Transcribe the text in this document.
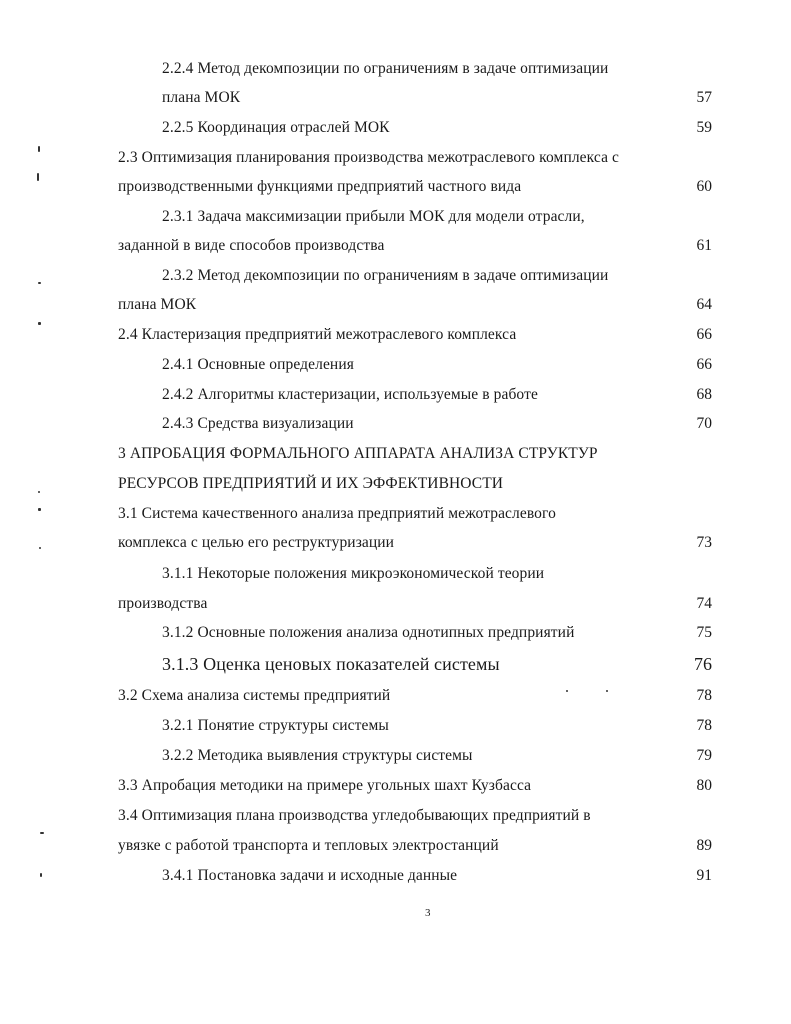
2.2.4 Метод декомпозиции по ограничениям в задаче оптимизации
плана МОК	57
2.2.5 Координация отраслей МОК	59
2.3 Оптимизация планирования производства межотраслевого комплекса с
производственными функциями предприятий частного вида	60
2.3.1 Задача максимизации прибыли МОК для модели отрасли,
заданной в виде способов производства	61
2.3.2 Метод декомпозиции по ограничениям в задаче оптимизации
плана МОК	64
2.4 Кластеризация предприятий межотраслевого комплекса	66
2.4.1 Основные определения	66
2.4.2 Алгоритмы кластеризации, используемые в работе	68
2.4.3 Средства визуализации	70
3 АПРОБАЦИЯ ФОРМАЛЬНОГО АППАРАТА АНАЛИЗА СТРУКТУР
РЕСУРСОВ ПРЕДПРИЯТИЙ И ИХ ЭФФЕКТИВНОСТИ
3.1 Система качественного анализа предприятий межотраслевого
комплекса с целью его реструктуризации	73
3.1.1 Некоторые положения микроэкономической теории
производства	74
3.1.2 Основные положения анализа однотипных предприятий	75
3.1.3 Оценка ценовых показателей системы	76
3.2 Схема анализа системы предприятий	78
3.2.1 Понятие структуры системы	78
3.2.2 Методика выявления структуры системы	79
3.3 Апробация методики на примере угольных шахт Кузбасса	80
3.4 Оптимизация плана производства угледобывающих предприятий в
увязке с работой транспорта и тепловых электростанций	89
3.4.1 Постановка задачи и исходные данные	91
3
